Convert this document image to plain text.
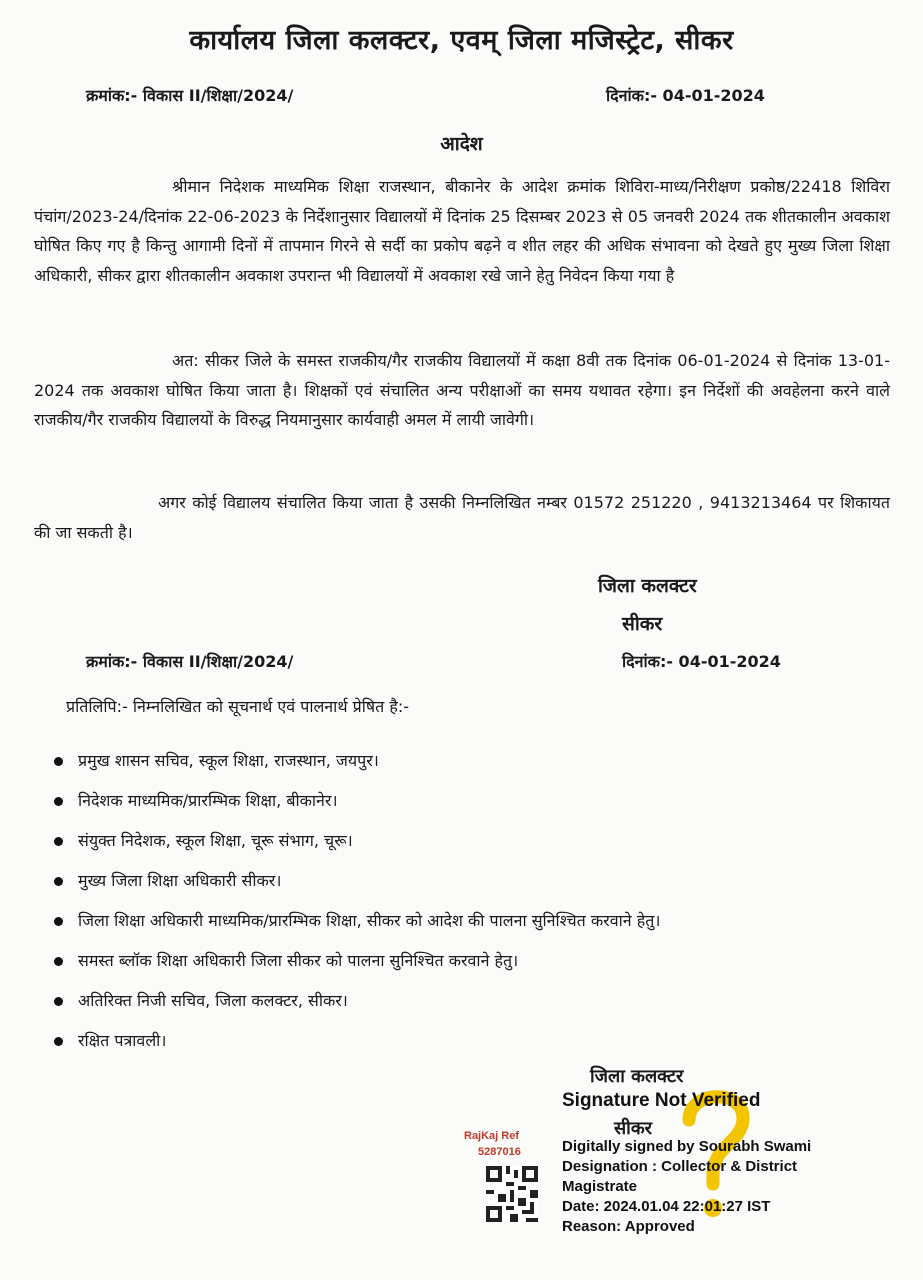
कार्यालय जिला कलक्टर, एवम् जिला मजिस्ट्रेट, सीकर
क्रमांक:- विकास II/शिक्षा/2024/	दिनांक:- 04-01-2024
आदेश
श्रीमान निदेशक माध्यमिक शिक्षा राजस्थान, बीकानेर के आदेश क्रमांक शिविरा-माध्य/निरीक्षण प्रकोष्ठ/22418 शिविरा पंचांग/2023-24/दिनांक 22-06-2023 के निर्देशानुसार विद्यालयों में दिनांक 25 दिसम्बर 2023 से 05 जनवरी 2024 तक शीतकालीन अवकाश घोषित किए गए है किन्तु आगामी दिनों में तापमान गिरने से सर्दी का प्रकोप बढ़ने व शीत लहर की अधिक संभावना को देखते हुए मुख्य जिला शिक्षा अधिकारी, सीकर द्वारा शीतकालीन अवकाश उपरान्त भी विद्यालयों में अवकाश रखे जाने हेतु निवेदन किया गया है
अत: सीकर जिले के समस्त राजकीय/गैर राजकीय विद्यालयों में कक्षा 8वी तक दिनांक 06-01-2024 से दिनांक 13-01-2024 तक अवकाश घोषित किया जाता है। शिक्षकों एवं संचालित अन्य परीक्षाओं का समय यथावत रहेगा। इन निर्देशों की अवहेलना करने वाले राजकीय/गैर राजकीय विद्यालयों के विरुद्ध नियमानुसार कार्यवाही अमल में लायी जावेगी।
अगर कोई विद्यालय संचालित किया जाता है उसकी निम्नलिखित नम्बर 01572 251220 , 9413213464 पर शिकायत की जा सकती है।
जिला कलक्टर
सीकर
क्रमांक:- विकास II/शिक्षा/2024/	दिनांक:- 04-01-2024
प्रतिलिपि:- निम्नलिखित को सूचनार्थ एवं पालनार्थ प्रेषित है:-
प्रमुख शासन सचिव, स्कूल शिक्षा, राजस्थान, जयपुर।
निदेशक माध्यमिक/प्रारम्भिक शिक्षा, बीकानेर।
संयुक्त निदेशक, स्कूल शिक्षा, चूरू संभाग, चूरू।
मुख्य जिला शिक्षा अधिकारी सीकर।
जिला शिक्षा अधिकारी माध्यमिक/प्रारम्भिक शिक्षा, सीकर को आदेश की पालना सुनिश्चित करवाने हेतु।
समस्त ब्लॉक शिक्षा अधिकारी जिला सीकर को पालना सुनिश्चित करवाने हेतु।
अतिरिक्त निजी सचिव, जिला कलक्टर, सीकर।
रक्षित पत्रावली।
जिला कलक्टर
Signature Not Verified
सीकर
RajKaj Ref
5287016	Digitally signed by Sourabh Swami
Designation : Collector & District
Magistrate
Date: 2024.01.04 22:01:27 IST
Reason: Approved
